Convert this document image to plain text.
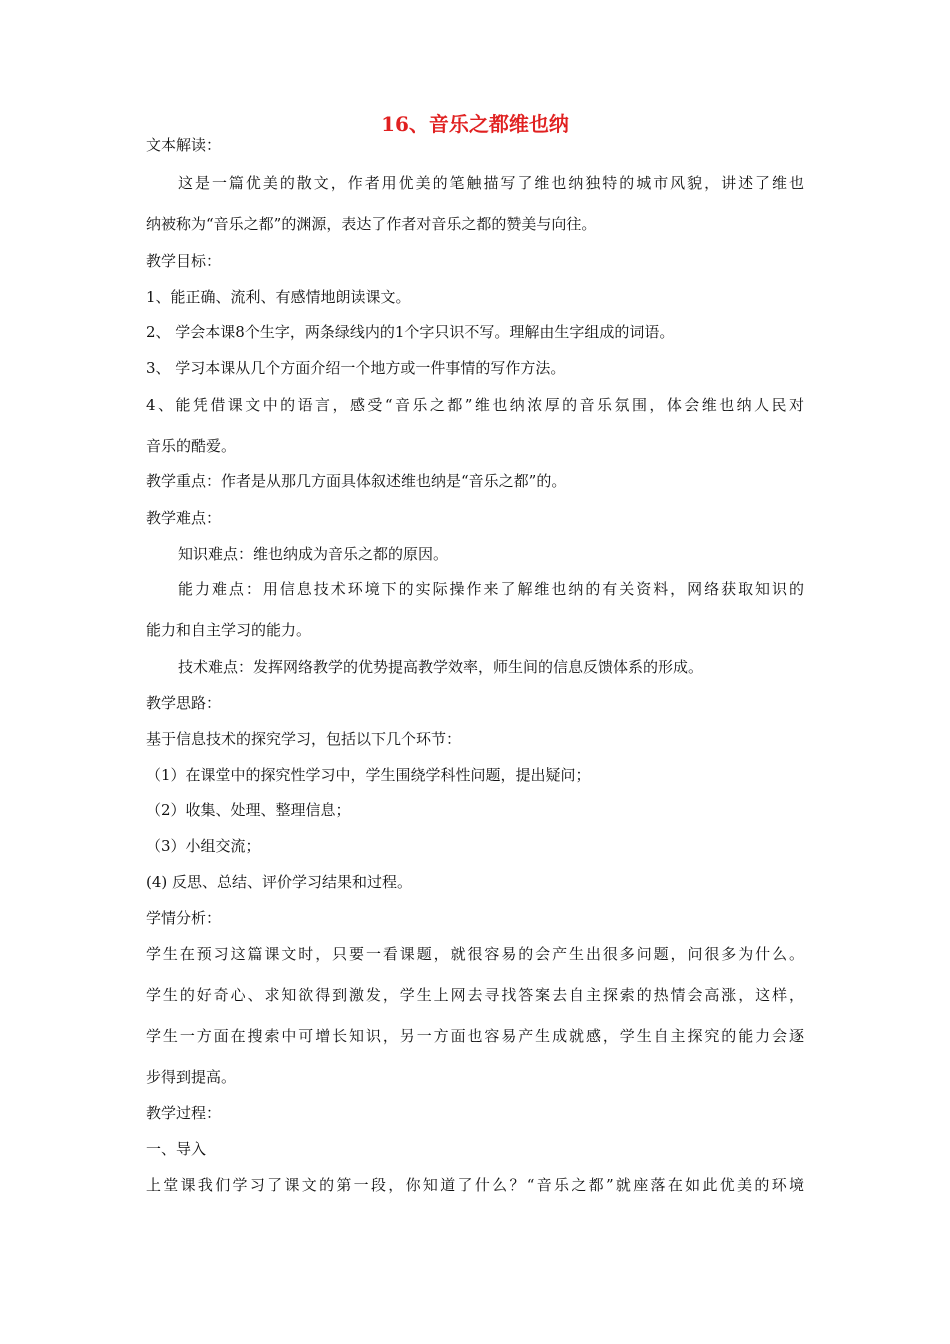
16、音乐之都维也纳
文本解读：
这是一篇优美的散文，作者用优美的笔触描写了维也纳独特的城市风貌，讲述了维也
纳被称为“音乐之都”的渊源，表达了作者对音乐之都的赞美与向往。
教学目标：
1、能正确、流利、有感情地朗读课文。
2、 学会本课8个生字，两条绿线内的1个字只识不写。理解由生字组成的词语。
3、 学习本课从几个方面介绍一个地方或一件事情的写作方法。
4、能凭借课文中的语言，感受“音乐之都”维也纳浓厚的音乐氛围，体会维也纳人民对
音乐的酷爱。
教学重点：作者是从那几方面具体叙述维也纳是“音乐之都”的。
教学难点：
知识难点：维也纳成为音乐之都的原因。
能力难点：用信息技术环境下的实际操作来了解维也纳的有关资料，网络获取知识的
能力和自主学习的能力。
技术难点：发挥网络教学的优势提高教学效率，师生间的信息反馈体系的形成。
教学思路：
基于信息技术的探究学习，包括以下几个环节：
（1）在课堂中的探究性学习中，学生围绕学科性问题，提出疑问；
（2）收集、处理、整理信息；
（3）小组交流；
(4) 反思、总结、评价学习结果和过程。
学情分析：
学生在预习这篇课文时，只要一看课题，就很容易的会产生出很多问题，问很多为什么。
学生的好奇心、求知欲得到激发，学生上网去寻找答案去自主探索的热情会高涨，这样，
学生一方面在搜索中可增长知识，另一方面也容易产生成就感，学生自主探究的能力会逐
步得到提高。
教学过程：
一、导入
上堂课我们学习了课文的第一段，你知道了什么？“音乐之都”就座落在如此优美的环境
